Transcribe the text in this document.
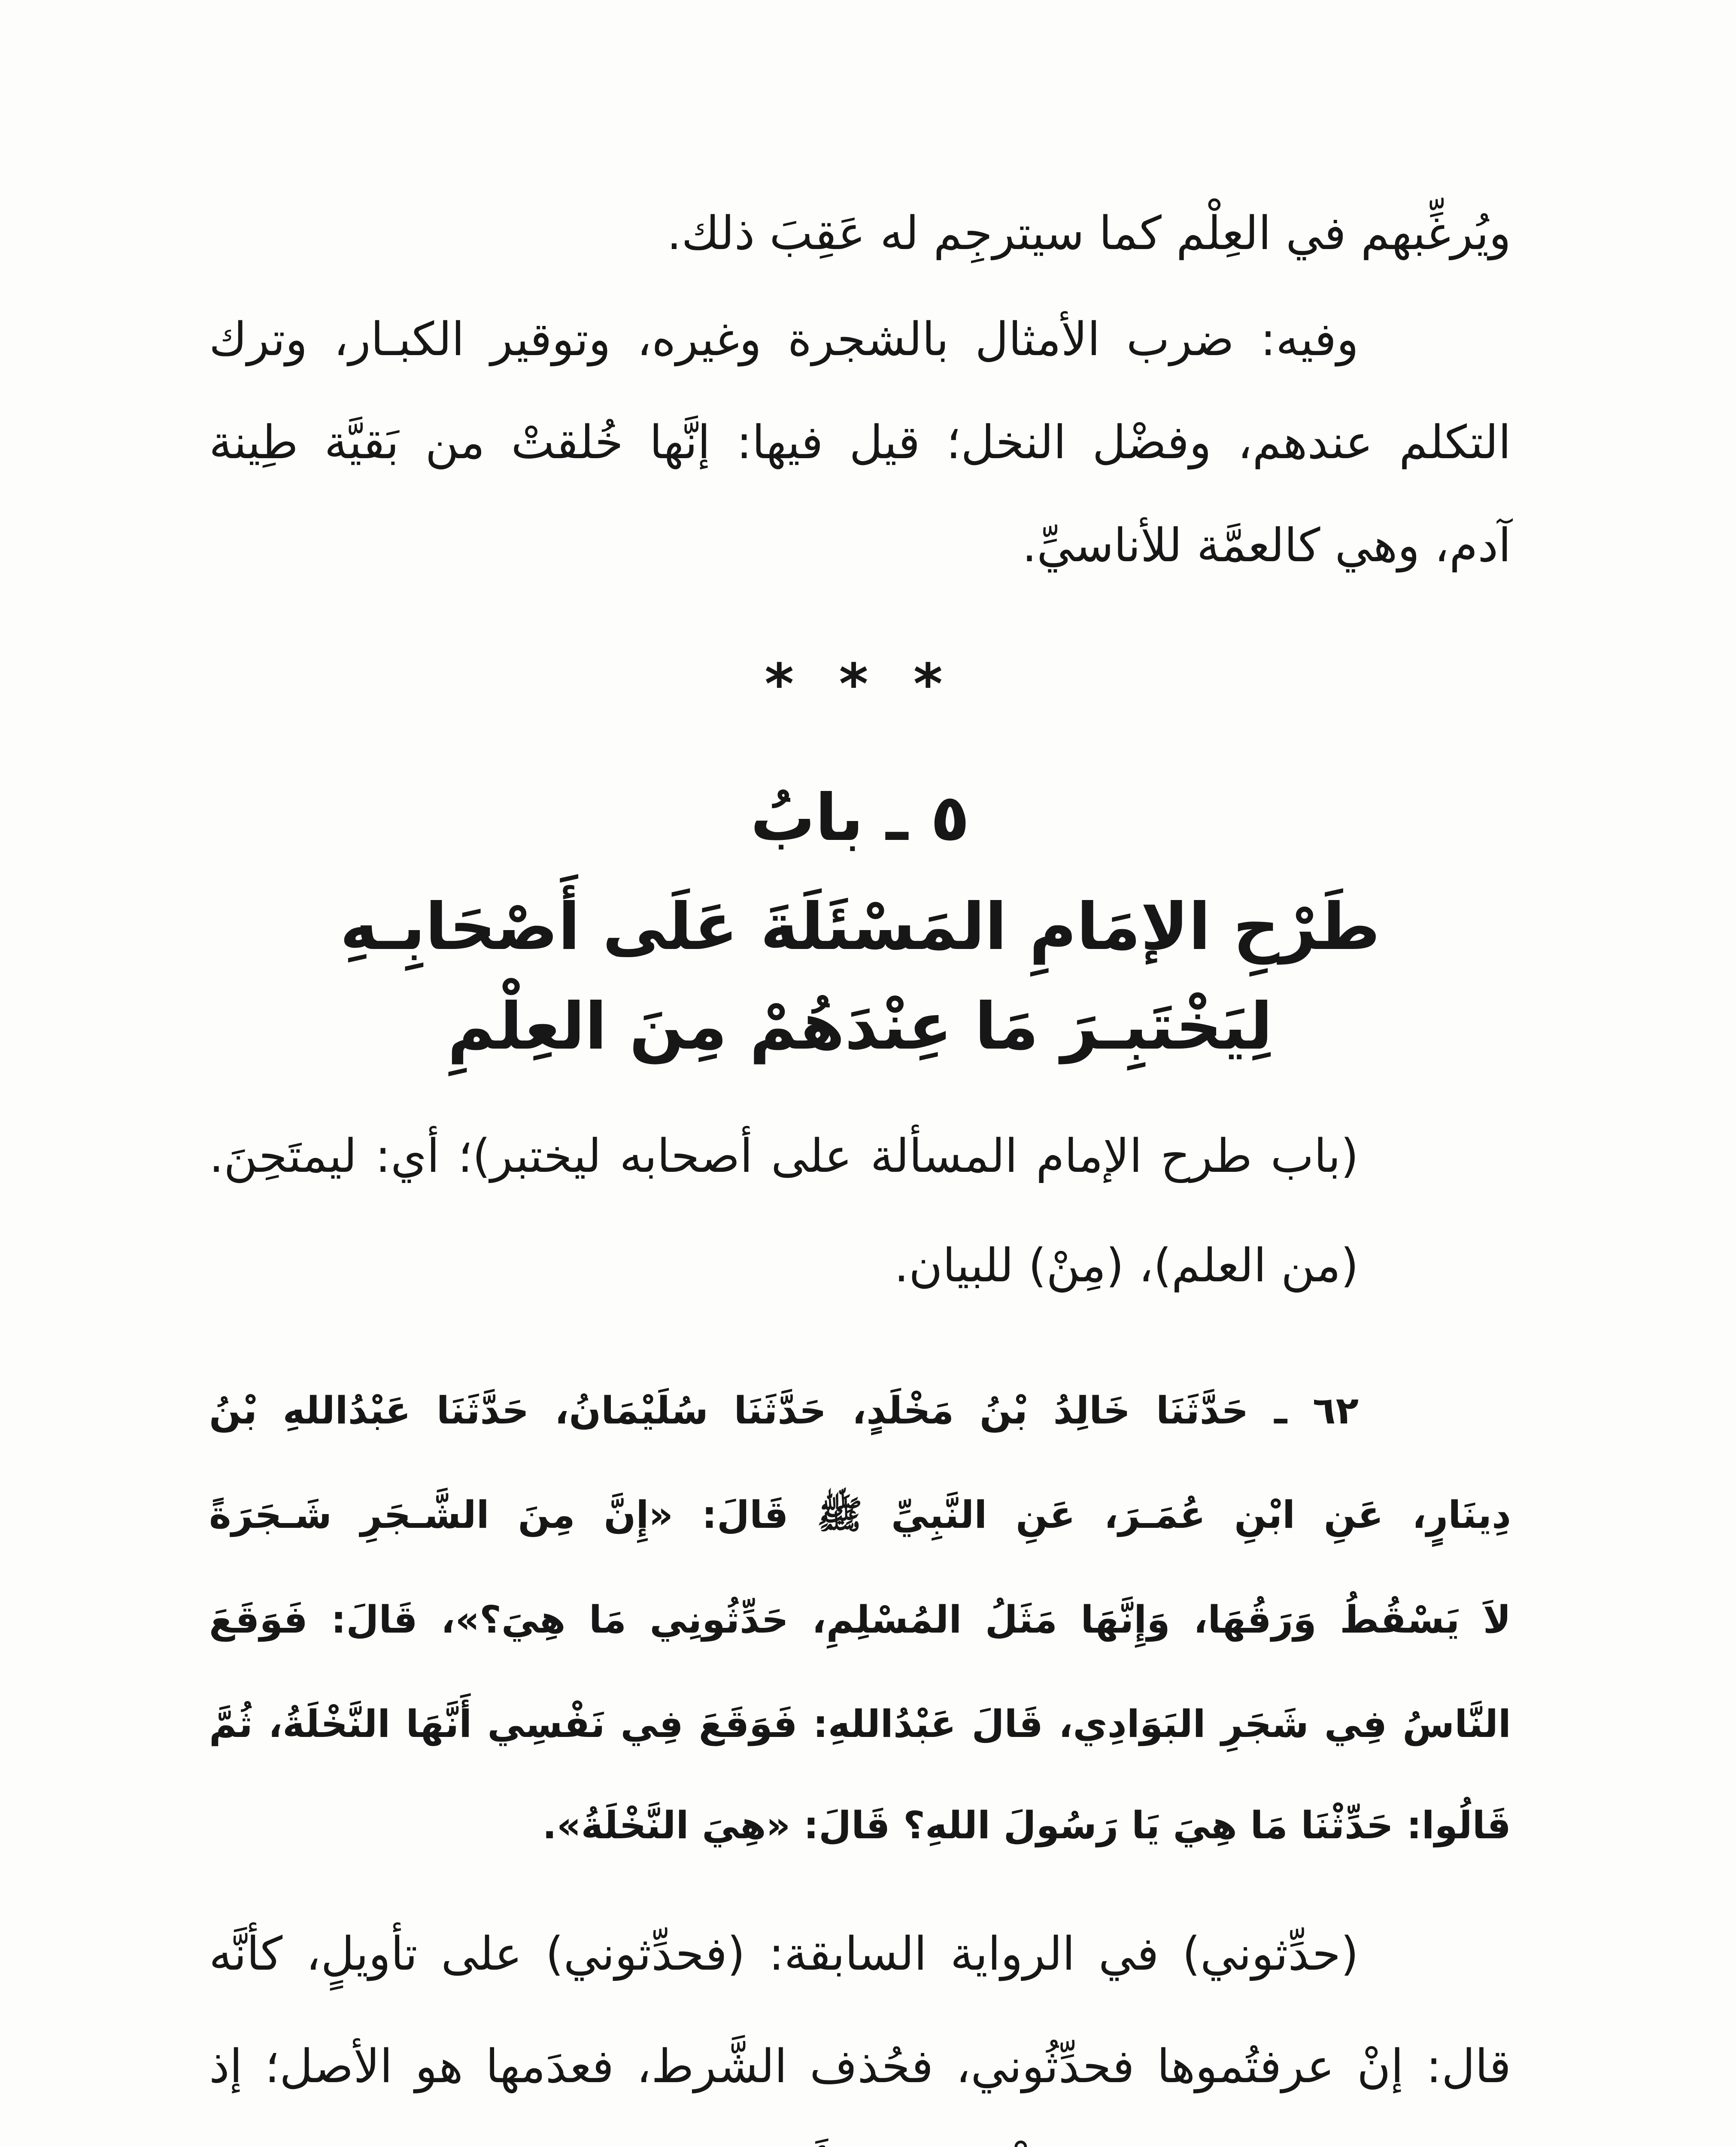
ويُرغِّبهم في العِلْم كما سيترجِم له عَقِبَ ذلك.
وفيه: ضرب الأمثال بالشجرة وغيره، وتوقير الكبـار، وترك
التكلم عندهم، وفضْل النخل؛ قيل فيها: إنَّها خُلقتْ من بَقيَّة طِينة
آدم، وهي كالعمَّة للأناسيِّ.
* * *
٥ ـ بابُ
طَرْحِ الإمَامِ المَسْئَلَةَ عَلَى أَصْحَابِـهِ
لِيَخْتَبِـرَ مَا عِنْدَهُمْ مِنَ العِلْمِ
(باب طرح الإمام المسألة على أصحابه ليختبر)؛ أي: ليمتَحِنَ.
(من العلم)، (مِنْ) للبيان.
٦٢ ـ حَدَّثَنَا خَالِدُ بْنُ مَخْلَدٍ، حَدَّثَنَا سُلَيْمَانُ، حَدَّثَنَا عَبْدُاللهِ بْنُ
دِينَارٍ، عَنِ ابْنِ عُمَـرَ، عَنِ النَّبِيِّ ﷺ قَالَ: «إِنَّ مِنَ الشَّـجَرِ شَـجَرَةً
لاَ يَسْقُطُ وَرَقُهَا، وَإِنَّهَا مَثَلُ المُسْلِمِ، حَدِّثُونِي مَا هِيَ؟»، قَالَ: فَوَقَعَ
النَّاسُ فِي شَجَرِ البَوَادِي، قَالَ عَبْدُاللهِ: فَوَقَعَ فِي نَفْسِي أَنَّهَا النَّخْلَةُ، ثُمَّ
قَالُوا: حَدِّثْنَا مَا هِيَ يَا رَسُولَ اللهِ؟ قَالَ: «هِيَ النَّخْلَةُ».
(حدِّثوني) في الرواية السابقة: (فحدِّثوني) على تأويلٍ، كأنَّه
قال: إنْ عرفتُموها فحدِّثُوني، فحُذف الشَّرط، فعدَمها هو الأصل؛ إذ
